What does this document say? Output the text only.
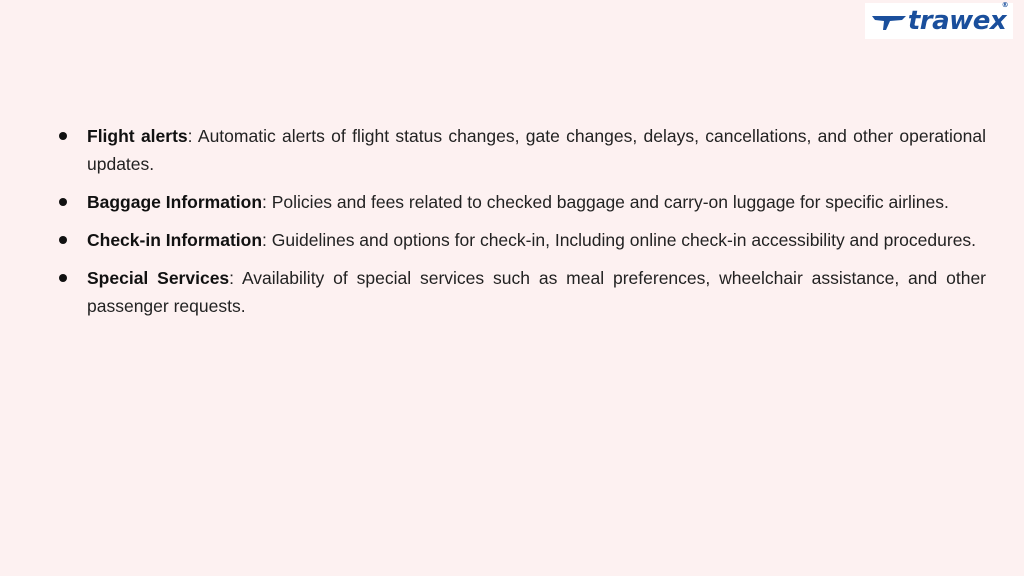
trawex
®
Flight alerts: Automatic alerts of flight status changes, gate changes, delays, cancellations, and other operational updates.
Baggage Information: Policies and fees related to checked baggage and carry-on luggage for specific airlines.
Check-in Information: Guidelines and options for check-in, Including online check-in accessibility and procedures.
Special Services: Availability of special services such as meal preferences, wheelchair assistance, and other passenger requests.
